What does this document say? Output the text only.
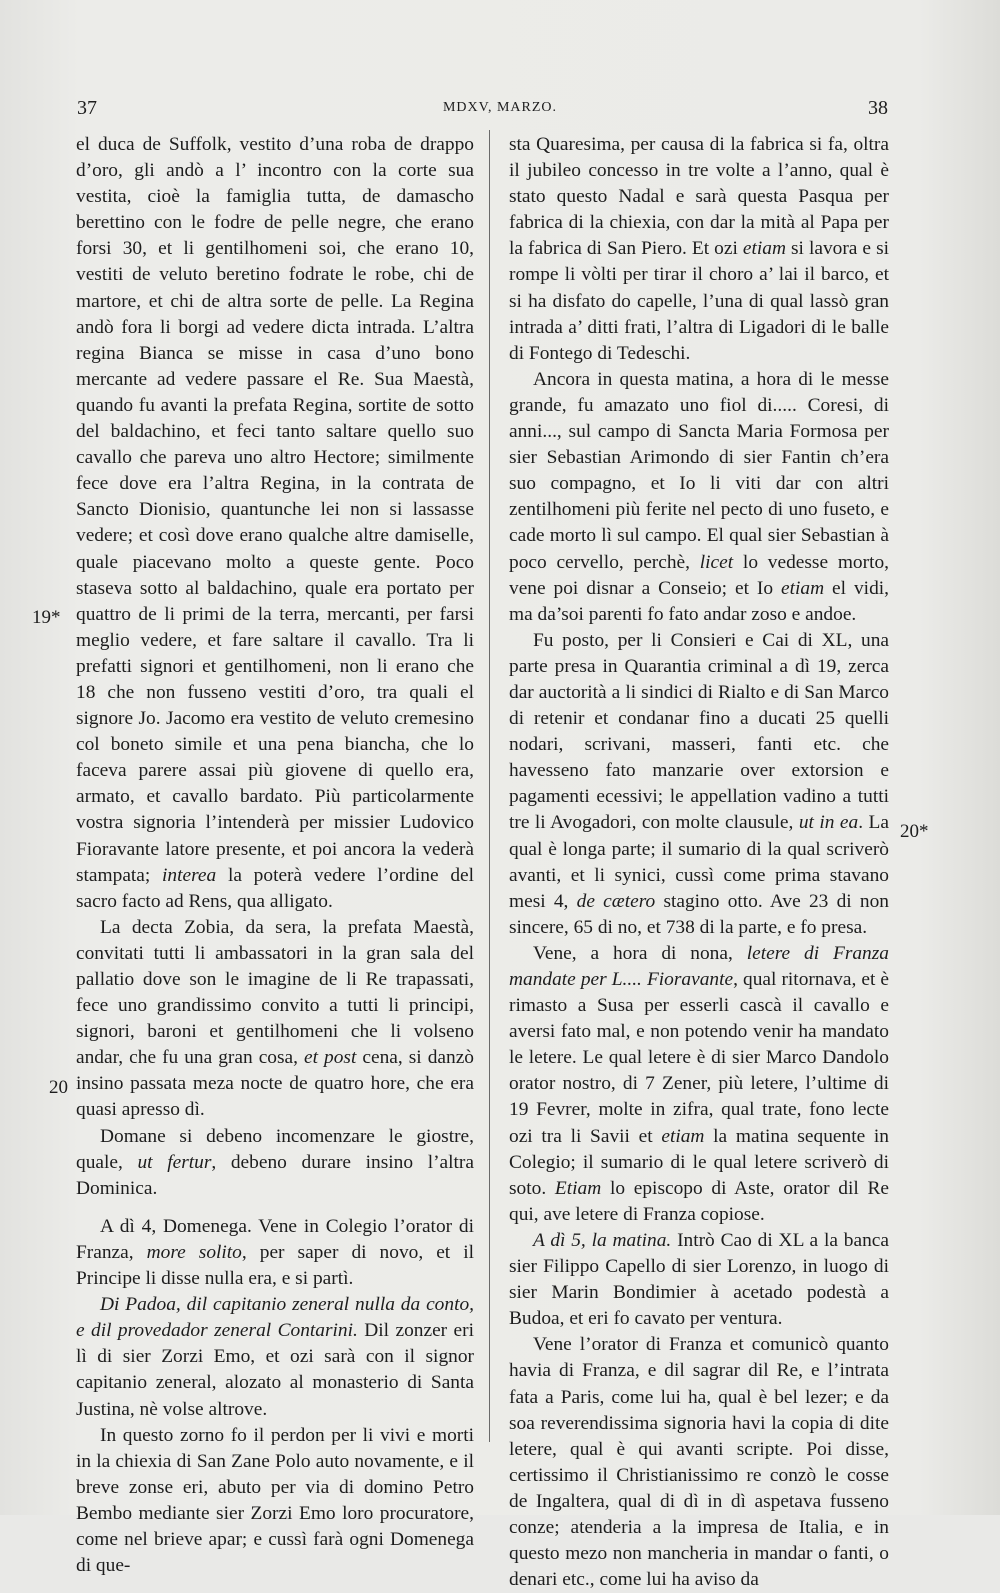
37	MDXV, MARZO.	38
19*
20
20*

el duca de Suffolk, vestito d’una roba de drappo d’oro, gli andò a l’ incontro con la corte sua vestita, cioè la famiglia tutta, de damascho berettino con le fodre de pelle negre, che erano forsi 30, et li gentilhomeni soi, che erano 10, vestiti de veluto beretino fodrate le robe, chi de martore, et chi de altra sorte de pelle. La Regina andò fora li borgi ad vedere dicta intrada. L’altra regina Bianca se misse in casa d’uno bono mercante ad vedere passare el Re. Sua Maestà, quando fu avanti la prefata Regina, sortite de sotto del baldachino, et feci tanto saltare quello suo cavallo che pareva uno altro Hectore; similmente fece dove era l’altra Regina, in la contrata de Sancto Dionisio, quantunche lei non si lassasse vedere; et così dove erano qualche altre damiselle, quale piacevano molto a queste gente. Poco staseva sotto al baldachino, quale era portato per quattro de li primi de la terra, mercanti, per farsi meglio vedere, et fare saltare il cavallo. Tra li prefatti signori et gentilhomeni, non li erano che 18 che non fusseno vestiti d’oro, tra quali el signore Jo. Jacomo era vestito de veluto cremesino col boneto simile et una pena biancha, che lo faceva parere assai più giovene di quello era, armato, et cavallo bardato. Più particolarmente vostra signoria l’intenderà per missier Ludovico Fioravante latore presente, et poi ancora la vederà stampata; interea la poterà vedere l’ordine del sacro facto ad Rens, qua alligato.

La decta Zobia, da sera, la prefata Maestà, convitati tutti li ambassatori in la gran sala del pallatio dove son le imagine de li Re trapassati, fece uno grandissimo convito a tutti li principi, signori, baroni et gentilhomeni che li volseno andar, che fu una gran cosa, et post cena, si danzò insino passata meza nocte de quatro hore, che era quasi apresso dì.

Domane si debeno incomenzare le giostre, quale, ut fertur, debeno durare insino l’altra Dominica.

A dì 4, Domenega. Vene in Colegio l’orator di Franza, more solito, per saper di novo, et il Principe li disse nulla era, e si partì.

Di Padoa, dil capitanio zeneral nulla da conto, e dil provedador zeneral Contarini. Dil zonzer eri lì di sier Zorzi Emo, et ozi sarà con il signor capitanio zeneral, alozato al monasterio di Santa Justina, nè volse altrove.

In questo zorno fo il perdon per li vivi e morti in la chiexia di San Zane Polo auto novamente, e il breve zonse eri, abuto per via di domino Petro Bembo mediante sier Zorzi Emo loro procuratore, come nel brieve apar; e cussì farà ogni Domenega di que-

sta Quaresima, per causa di la fabrica si fa, oltra il jubileo concesso in tre volte a l’anno, qual è stato questo Nadal e sarà questa Pasqua per fabrica di la chiexia, con dar la mità al Papa per la fabrica di San Piero. Et ozi etiam si lavora e si rompe li vòlti per tirar il choro a’ lai il barco, et si ha disfato do capelle, l’una di qual lassò gran intrada a’ ditti frati, l’altra di Ligadori di le balle di Fontego di Tedeschi.

Ancora in questa matina, a hora di le messe grande, fu amazato uno fiol di..... Coresi, di anni..., sul campo di Sancta Maria Formosa per sier Sebastian Arimondo di sier Fantin ch’era suo compagno, et Io li viti dar con altri zentilhomeni più ferite nel pecto di uno fuseto, e cade morto lì sul campo. El qual sier Sebastian à poco cervello, perchè, licet lo vedesse morto, vene poi disnar a Conseio; et Io etiam el vidi, ma da’soi parenti fo fato andar zoso e andoe.

Fu posto, per li Consieri e Cai di XL, una parte presa in Quarantia criminal a dì 19, zerca dar auctorità a li sindici di Rialto e di San Marco di retenir et condanar fino a ducati 25 quelli nodari, scrivani, masseri, fanti etc. che havesseno fato manzarie over extorsion e pagamenti ecessivi; le appellation vadino a tutti tre li Avogadori, con molte clausule, ut in ea. La qual è longa parte; il sumario di la qual scriverò avanti, et li synici, cussì come prima stavano mesi 4, de cætero stagino otto. Ave 23 di non sincere, 65 di no, et 738 di la parte, e fo presa.

Vene, a hora di nona, letere di Franza mandate per L.... Fioravante, qual ritornava, et è rimasto a Susa per esserli cascà il cavallo e aversi fato mal, e non potendo venir ha mandato le letere. Le qual letere è di sier Marco Dandolo orator nostro, di 7 Zener, più letere, l’ultime di 19 Fevrer, molte in zifra, qual trate, fono lecte ozi tra li Savii et etiam la matina sequente in Colegio; il sumario di le qual letere scriverò di soto. Etiam lo episcopo di Aste, orator dil Re qui, ave letere di Franza copiose.

A dì 5, la matina. Intrò Cao di XL a la banca sier Filippo Capello di sier Lorenzo, in luogo di sier Marin Bondimier à acetado podestà a Budoa, et eri fo cavato per ventura.

Vene l’orator di Franza et comunicò quanto havia di Franza, e dil sagrar dil Re, e l’intrata fata a Paris, come lui ha, qual è bel lezer; e da soa reverendissima signoria havi la copia di dite letere, qual è qui avanti scripte. Poi disse, certissimo il Christianissimo re conzò le cosse de Ingaltera, qual di dì in dì aspetava fusseno conze; atenderia a la impresa de Italia, e in questo mezo non mancheria in mandar o fanti, o denari etc., come lui ha aviso da
